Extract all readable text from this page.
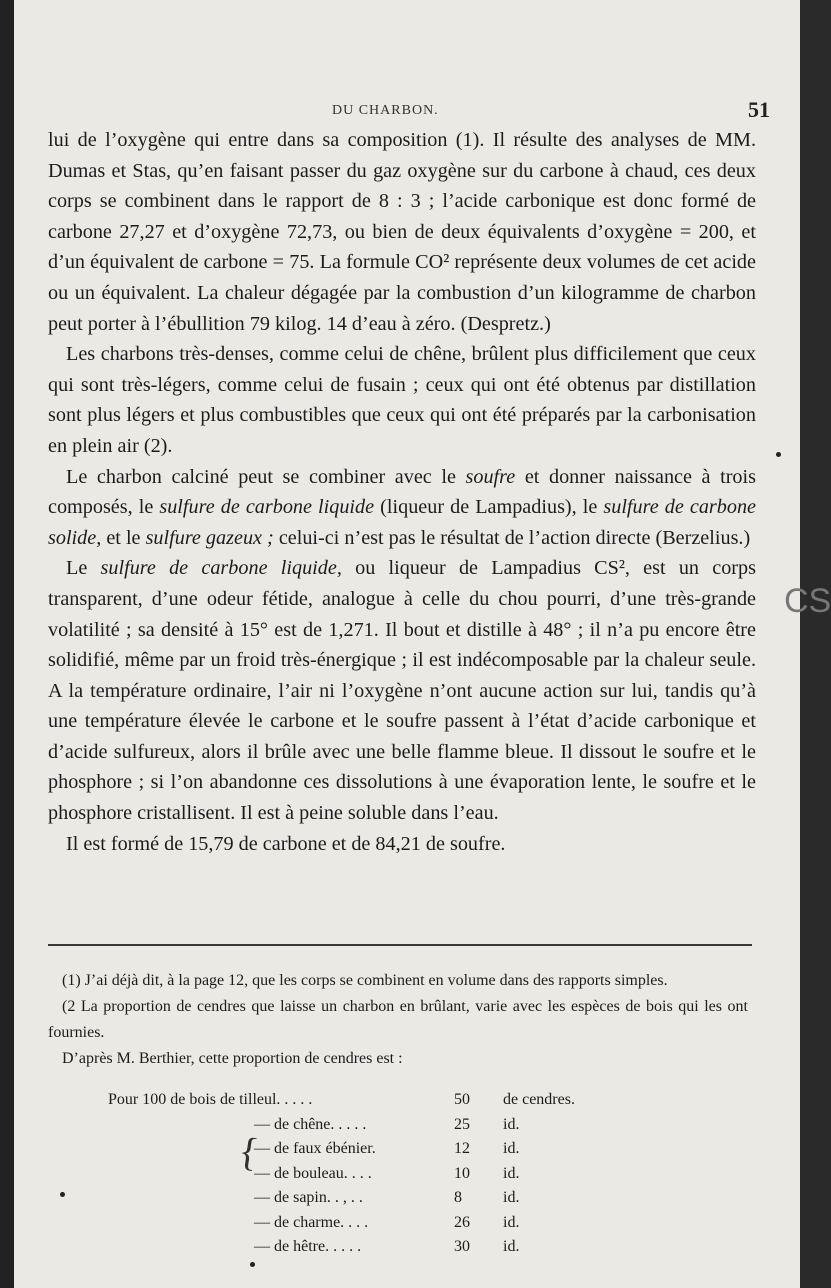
DU CHARBON.	51

lui de l’oxygène qui entre dans sa composition (1). Il résulte des analyses de MM. Dumas et Stas, qu’en faisant passer du gaz oxygène sur du carbone à chaud, ces deux corps se combinent dans le rapport de 8 : 3 ; l’acide carbonique est donc formé de carbone 27,27 et d’oxygène 72,73, ou bien de deux équivalents d’oxygène = 200, et d’un équivalent de carbone = 75. La formule CO² représente deux volumes de cet acide ou un équivalent. La chaleur dégagée par la combustion d’un kilogramme de charbon peut porter à l’ébullition 79 kilog. 14 d’eau à zéro. (Despretz.)

Les charbons très-denses, comme celui de chêne, brûlent plus difficilement que ceux qui sont très-légers, comme celui de fusain ; ceux qui ont été obtenus par distillation sont plus légers et plus combustibles que ceux qui ont été préparés par la carbonisation en plein air (2).

Le charbon calciné peut se combiner avec le soufre et donner naissance à trois composés, le sulfure de carbone liquide (liqueur de Lampadius), le sulfure de carbone solide, et le sulfure gazeux ; celui-ci n’est pas le résultat de l’action directe (Berzelius.)

Le sulfure de carbone liquide, ou liqueur de Lampadius CS², est un corps transparent, d’une odeur fétide, analogue à celle du chou pourri, d’une très-grande volatilité ; sa densité à 15° est de 1,271. Il bout et distille à 48° ; il n’a pu encore être solidifié, même par un froid très-énergique ; il est indécomposable par la chaleur seule. A la température ordinaire, l’air ni l’oxygène n’ont aucune action sur lui, tandis qu’à une température élevée le carbone et le soufre passent à l’état d’acide carbonique et d’acide sulfureux, alors il brûle avec une belle flamme bleue. Il dissout le soufre et le phosphore ; si l’on abandonne ces dissolutions à une évaporation lente, le soufre et le phosphore cristallisent. Il est à peine soluble dans l’eau.

Il est formé de 15,79 de carbone et de 84,21 de soufre.

(1) J’ai déjà dit, à la page 12, que les corps se combinent en volume dans des rapports simples.

(2 La proportion de cendres que laisse un charbon en brûlant, varie avec les espèces de bois qui les ont fournies.

D’après M. Berthier, cette proportion de cendres est :

Pour 100 de bois de tilleul. . . . .	50 de cendres.
— de chêne. . . . .	25 id.
— de faux ébénier.	12 id.
— de bouleau. . . .	10 id.
— de sapin. . , . .	8	id.
— de charme. . . .	26 id.
— de hêtre. . . . .	30 id.
{
CS
